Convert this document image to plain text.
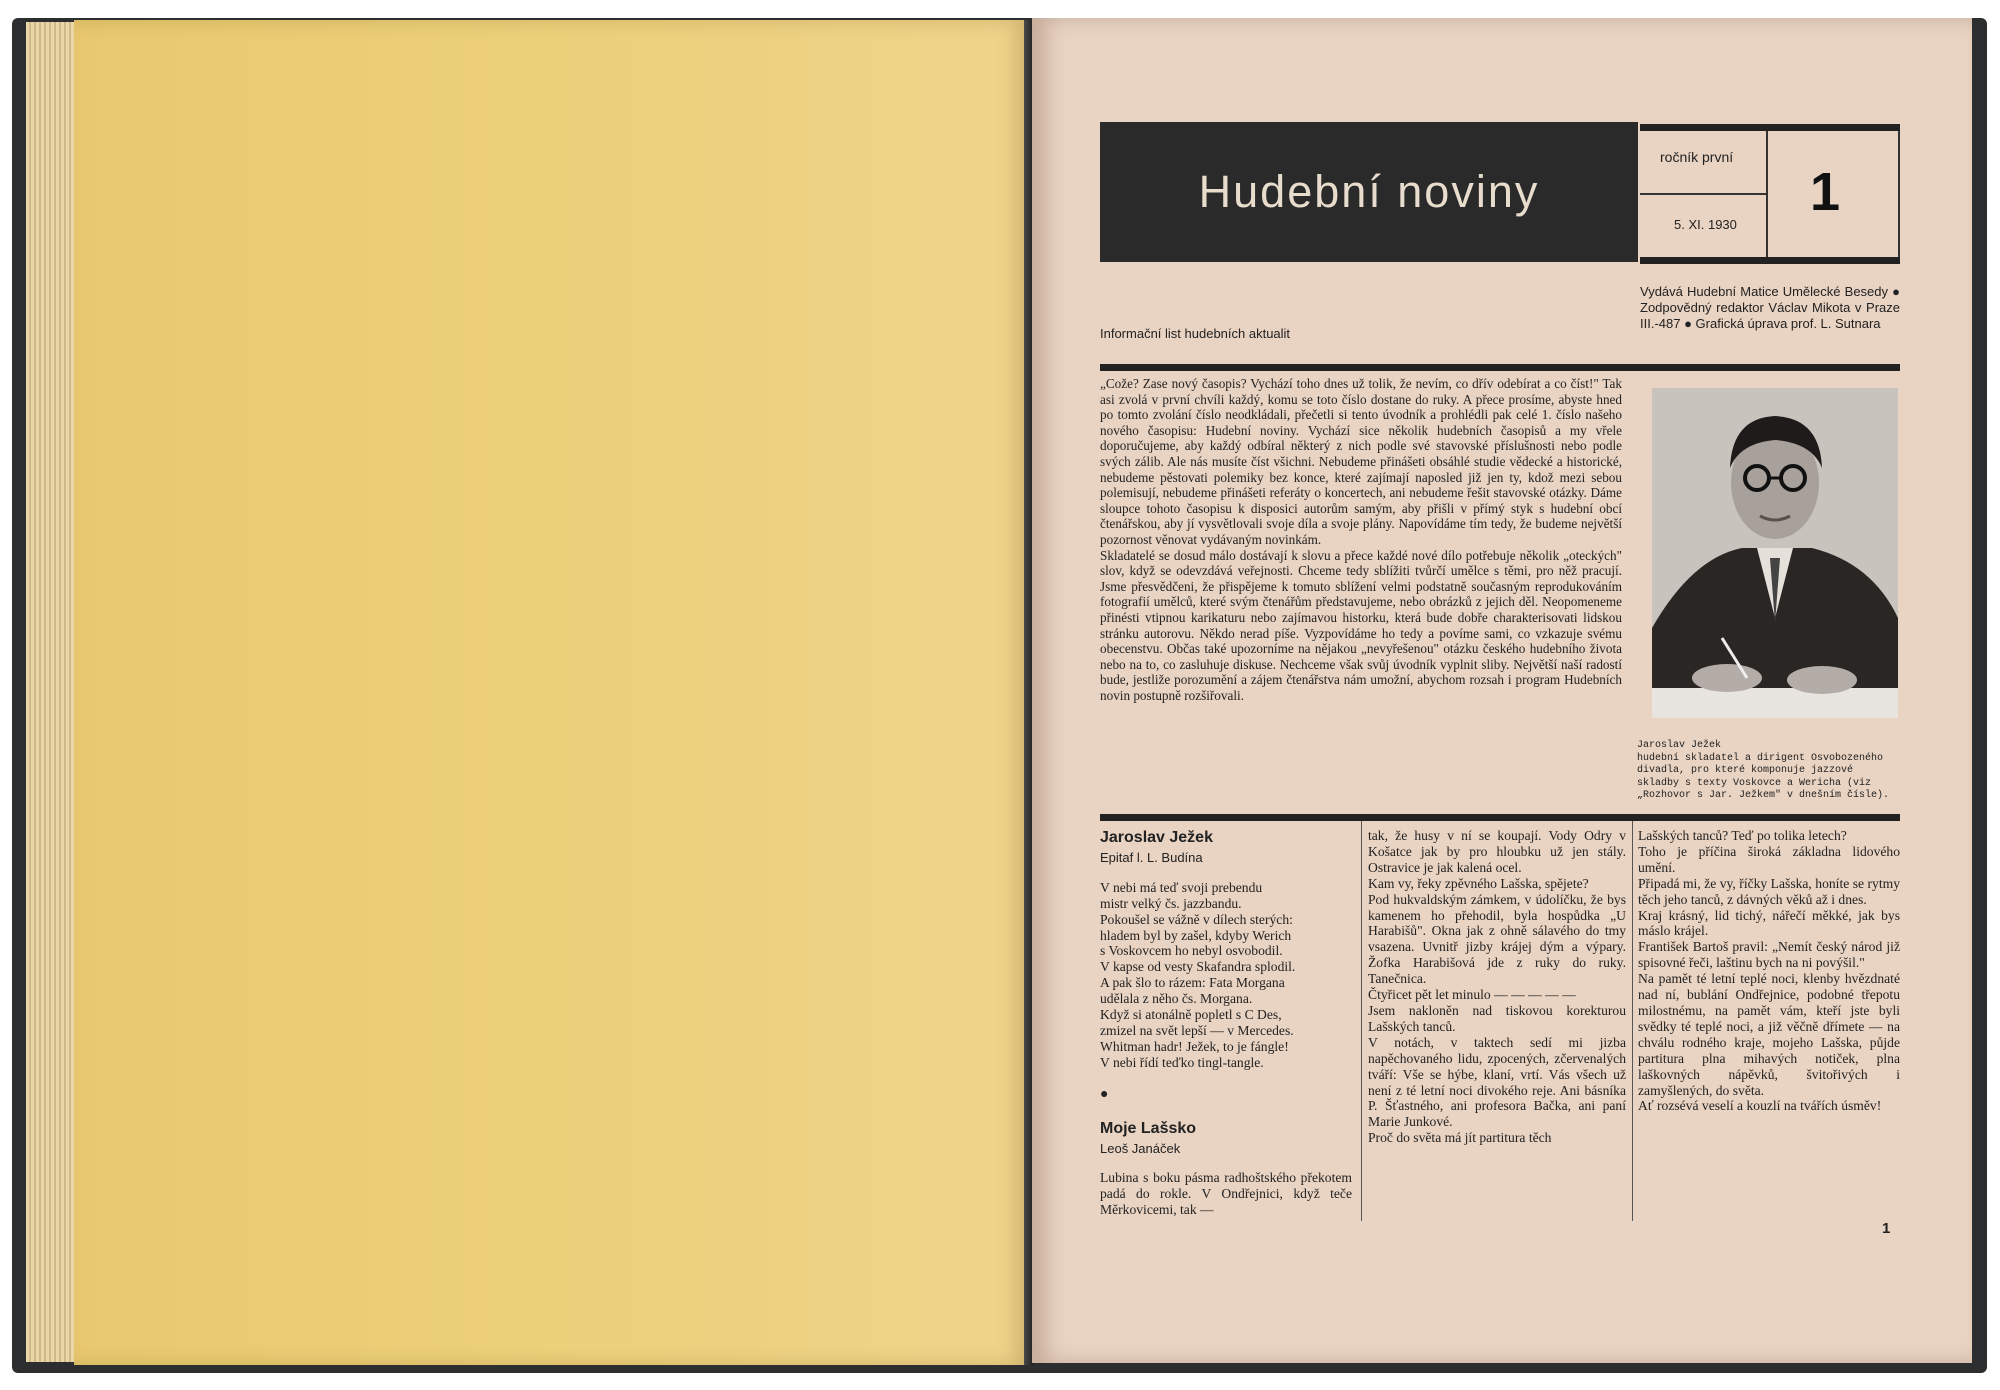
Hudební noviny
ročník první
5. XI. 1930
1
Vydává Hudební Matice Umělecké Besedy ● Zodpovědný redaktor Václav Mikota v Praze III.-487 ● Grafická úprava prof. L. Sutnara
Informační list hudebních aktualit

„Cože? Zase nový časopis? Vychází toho dnes už tolik, že nevím, co dřív odebírat a co číst!" Tak asi zvolá v první chvíli každý, komu se toto číslo dostane do ruky. A přece prosíme, abyste hned po tomto zvolání číslo neodkládali, přečetli si tento úvodník a prohlédli pak celé 1. číslo našeho nového časopisu: Hudební noviny. Vychází sice několik hudebních časopisů a my vřele doporučujeme, aby každý odbíral některý z nich podle své stavovské příslušnosti nebo podle svých zálib. Ale nás musíte číst všichni. Nebudeme přinášeti obsáhlé studie vědecké a historické, nebudeme pěstovati polemiky bez konce, které zajímají naposled již jen ty, kdož mezi sebou polemisují, nebudeme přinášeti referáty o koncertech, ani nebudeme řešit stavovské otázky. Dáme sloupce tohoto časopisu k disposici autorům samým, aby přišli v přímý styk s hudební obcí čtenářskou, aby jí vysvětlovali svoje díla a svoje plány. Napovídáme tím tedy, že budeme největší pozornost věnovat vydávaným novinkám.

Skladatelé se dosud málo dostávají k slovu a přece každé nové dílo potřebuje několik „oteckých" slov, když se odevzdává veřejnosti. Chceme tedy sblížiti tvůrčí umělce s těmi, pro něž pracují. Jsme přesvědčeni, že přispějeme k tomuto sblížení velmi podstatně současným reprodukováním fotografií umělců, které svým čtenářům představujeme, nebo obrázků z jejich děl. Neopomeneme přinésti vtipnou karikaturu nebo zajímavou historku, která bude dobře charakterisovati lidskou stránku autorovu. Někdo nerad píše. Vyzpovídáme ho tedy a povíme sami, co vzkazuje svému obecenstvu. Občas také upozorníme na nějakou „nevyřešenou" otázku českého hudebního života nebo na to, co zasluhuje diskuse. Nechceme však svůj úvodník vyplnit sliby. Největší naší radostí bude, jestliže porozumění a zájem čtenářstva nám umožní, abychom rozsah i program Hudebních novin postupně rozšiřovali.

Jaroslav Ježek
hudební skladatel a dirigent Osvobozeného divadla, pro které komponuje jazzové skladby s texty Voskovce a Wericha (viz „Rozhovor s Jar. Ježkem" v dnešním čísle).
Jaroslav Ježek
Epitaf l. L. Budína
V nebi má teď svoji prebendu
mistr velký čs. jazzbandu.
Pokoušel se vážně v dílech sterých:
hladem byl by zašel, kdyby Werich
s Voskovcem ho nebyl osvobodil.
V kapse od vesty Skafandra splodil.
A pak šlo to rázem: Fata Morgana
udělala z něho čs. Morgana.
Když si atonálně popletl s C Des,
zmizel na svět lepší — v Mercedes.
Whitman hadr! Ježek, to je fángle!
V nebi řídí teďko tingl-tangle.
●
Moje Lašsko
Leoš Janáček

Lubina s boku pásma radhoštského překotem padá do rokle. V Ondřejnici, když teče Měrkovicemi, tak —

tak, že husy v ní se koupají. Vody Odry v Košatce jak by pro hloubku už jen stály. Ostravice je jak kalená ocel.

Kam vy, řeky zpěvného Lašska, spějete?

Pod hukvaldským zámkem, v údolíčku, že bys kamenem ho přehodil, byla hospůdka „U Harabišů". Okna jak z ohně sálavého do tmy vsazena. Uvnitř jizby krájej dým a výpary. Žofka Harabišová jde z ruky do ruky. Tanečnica.

Čtyřicet pět let minulo — — — — —

Jsem nakloněn nad tiskovou korekturou Lašských tanců.

V notách, v taktech sedí mi jizba napěchovaného lidu, zpocených, zčervenalých tváří: Vše se hýbe, klaní, vrtí. Vás všech už není z té letní noci divokého reje. Ani básníka P. Šťastného, ani profesora Bačka, ani paní Marie Junkové.

Proč do světa má jít partitura těch

Lašských tanců? Teď po tolika letech?

Toho je příčina široká základna lidového umění.

Připadá mi, že vy, říčky Lašska, honíte se rytmy těch jeho tanců, z dávných věků až i dnes.

Kraj krásný, lid tichý, nářečí měkké, jak bys máslo krájel.

František Bartoš pravil: „Nemít český národ již spisovné řeči, laštinu bych na ni povýšil."

Na pamět té letní teplé noci, klenby hvězdnaté nad ní, bublání Ondřejnice, podobné třepotu milostnému, na pamět vám, kteří jste byli svědky té teplé noci, a již věčně dřímete — na chválu rodného kraje, mojeho Lašska, půjde partitura plna mihavých notiček, plna laškovných nápěvků, švitořivých i zamyšlených, do světa.

Ať rozsévá veselí a kouzlí na tvářích úsměv!

1
